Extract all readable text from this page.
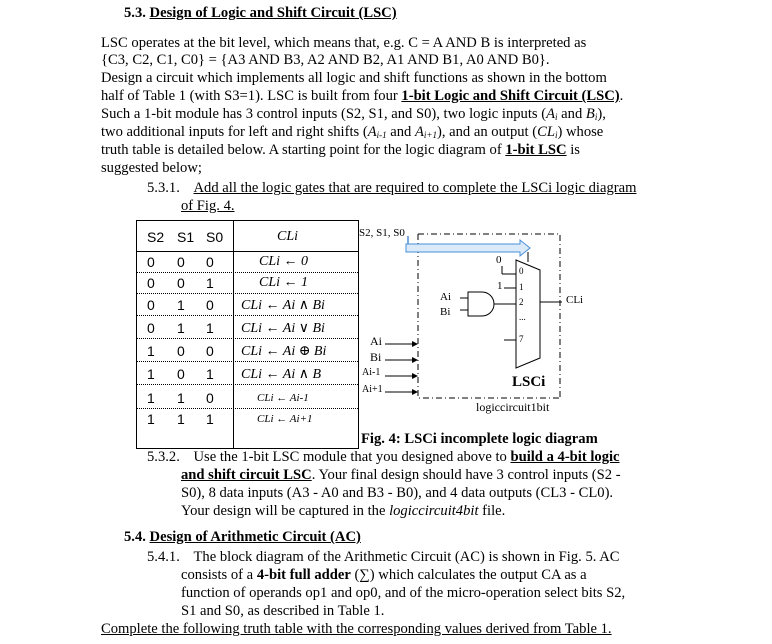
5.3. Design of Logic and Shift Circuit (LSC)
LSC operates at the bit level, which means that, e.g. C = A AND B is interpreted as
{C3, C2, C1, C0} = {A3 AND B3, A2 AND B2, A1 AND B1, A0 AND B0}.
Design a circuit which implements all logic and shift functions as shown in the bottom
half of Table 1 (with S3=1). LSC is built from four 1-bit Logic and Shift Circuit (LSC).
Such a 1-bit module has 3 control inputs (S2, S1, and S0), two logic inputs ($A_i$ and $B_i$),
two additional inputs for left and right shifts ($A_{i-1}$ and $A_{i+1}$), and an output $(CL_i)$ whose
truth table is detailed below. A starting point for the logic diagram of 1-bit LSC is
suggested below;
5.3.1. Add all the logic gates that are required to complete the LSCi logic diagram
of Fig. 4.
S2 S1 S0	CLi
0 0 0	CLi ← 0
0 0 1	CLi ← 1
0 1 0 CLi ← Ai ∧ Bi
0 1 1 CLi ← Ai ∨ Bi
1 0 0 CLi ← Ai ⊕ Bi
1 0 1 CLi ← Ai ∧ B
1 1 0	CLi ← Ai-1
1 1 1	CLi ← Ai+1
S2, S1, S0
0
1
0
1
2
...
7
Ai
Bi
CLi
Ai
Bi
Ai-1
Ai+1	LSCi
logiccircuit1bit
Fig. 4: LSCi incomplete logic diagram
5.3.2. Use the 1-bit LSC module that you designed above to build a 4-bit logic
and shift circuit LSC. Your final design should have 3 control inputs (S2 -
S0), 8 data inputs (A3 - A0 and B3 - B0), and 4 data outputs (CL3 - CL0).
Your design will be captured in the logiccircuit4bit file.
5.4. Design of Arithmetic Circuit (AC)
5.4.1. The block diagram of the Arithmetic Circuit (AC) is shown in Fig. 5. AC
consists of a 4-bit full adder (∑) which calculates the output CA as a
function of operands op1 and op0, and of the micro-operation select bits S2,
S1 and S0, as described in Table 1.
Complete the following truth table with the corresponding values derived from Table 1.
